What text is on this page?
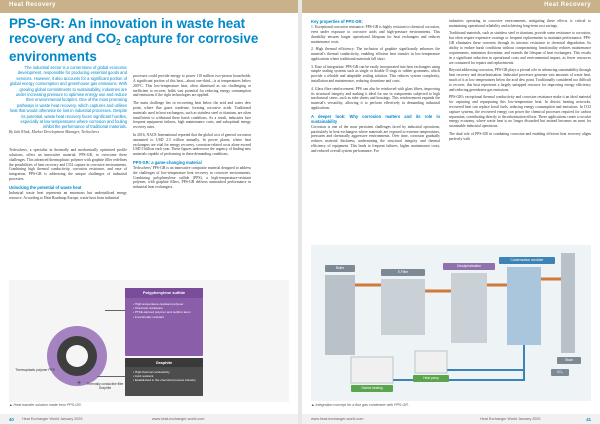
Heat Recovery
PPS-GR: An innovation in waste heat
recovery and $CO_2$ capture for corrosive
environments

The industrial sector is a cornerstone of global economic development, responsible for producing essential goods and services. However, it also accounts for a significant portion of global energy consumption and greenhouse gas emissions. With growing global commitments to sustainability, industries are under increasing pressure to optimise energy use and reduce their environmental footprint. One of the most promising pathways is waste heat recovery, which captures and utilises heat that would otherwise be lost in industrial processes. Despite its potential, waste heat recovery faces significant hurdles, especially at low temperatures where corrosion and fouling inhibit the performance of traditional materials.

By Iaki Klink, Market Development Manager, Techsolvers

Techsolvers, a specialist in thermally and mechanically optimised profile solutions, offers an innovative material, PPS-GR, to overcome these challenges. This advanced thermoplastic polymer with graphite filler redefines the possibilities of heat recovery and CO2 capture in corrosive environments. Combining high thermal conductivity, corrosion resistance, and ease of integration, PPS-GR is addressing the unique challenges of industrial processes.

Unlocking the potential of waste heat

Industrial waste heat represents an enormous but underutilised energy resource. According to Heat Roadmap Europe, waste heat from industrial

processes could provide energy to power 110 million two-person households. A significant portion of this heat—about one-third—is at temperatures below 200°C. This low-temperature heat, often dismissed as too challenging or inefficient to recover, holds vast potential for reducing energy consumption and emissions if the right technologies are applied.

The main challenge lies in recovering heat below the acid and water dew point, where flue gases condense, forming corrosive acids. Traditional materials used in heat exchangers, such as stainless steel or titanium, are often insufficient to withstand these harsh conditions. As a result, industries face frequent equipment failures, high maintenance costs, and suboptimal energy recovery rates.

In 2016, NACE International reported that the global cost of general corrosion amounted to USD 2.5 trillion annually. In power plants, where heat exchangers are vital for energy recovery, corrosion-related costs alone exceed USD 5 billion each year. These figures underscore the urgency of finding new materials capable of performing in these demanding conditions.

PPS-GR: a game-changing material

Techsolvers' PPS-GR is an innovative composite material designed to address the challenges of low-temperature heat recovery in corrosive environments. Combining polyphenylene sulfide (PPS), a high-temperature-resistant polymer, with graphite fillers, PPS-GR delivers unmatched performance in industrial heat exchangers.

Polyphenylene sulfide
• High temperature-resistant polymer
• Chemical resistance
• PTFE-derived polymer and sulphur atom
• Functionally resistant
Graphite
• High thermal conductivity
• Acid resistant
• Established in the chemical process industry
Thermoplastic polymer PPS
+	Thermally conductive filler Graphite
▲ Heat transfer solution made from PPS-GR.
40 Heat Exchanger World January 2025	www.heat-exchanger-world.com
Heat Recovery
Key properties of PPS-GR:

1. Exceptional corrosion resistance: PPS-GR is highly resistant to chemical corrosion, even under exposure to corrosive acids and high-pressure environments. This durability ensures longer operational lifespans for heat exchangers and reduces maintenance costs.

2. High thermal efficiency: The inclusion of graphite significantly enhances the material's thermal conductivity, enabling efficient heat transfer in low-temperature applications where traditional materials fall short.

3. Ease of integration: PPS-GR can be easily incorporated into heat exchangers using simple sealing systems such as single or double O-rings or rubber grommets, which provide a reliable and adaptable sealing solution. This reduces system complexity, installation and maintenance, reducing downtime and costs.

4. Glass fibre reinforcement: PPS can also be reinforced with glass fibres, improving its structural integrity and making it ideal for use in components subjected to high mechanical stress, such as tube sheets and housings. This reinforcement expands the material's versatility, allowing it to perform effectively in demanding industrial applications.

A deeper look: Why corrosion matters and its role in sustainability

Corrosion is one of the most persistent challenges faced by industrial operations, particularly in heat exchangers where materials are exposed to extreme temperatures, pressures and chemically aggressive environments. Over time, corrosion gradually reduces material thickness, undermining the structural integrity and thermal efficiency of equipment. This leads to frequent failures, higher maintenance costs, and reduced overall system performance. For

industries operating in corrosive environments, mitigating these effects is critical to maintaining operational reliability and achieving long-term cost savings.

Traditional materials, such as stainless steel or titanium, provide some resistance to corrosion, but often require expensive coatings or frequent replacements to maintain performance. PPS-GR eliminates these concerns through its intrinsic resistance to chemical degradation. Its ability to endure harsh conditions without compromising functionality reduces maintenance requirements, minimises downtime, and extends the lifespan of heat exchangers. This results in a significant reduction in operational costs and environmental impact, as fewer resources are consumed for repairs and replacements.

Beyond addressing corrosion, PPS-GR plays a pivotal role in advancing sustainability through heat recovery and decarbonisation. Industrial processes generate vast amounts of waste heat, much of it at low temperatures below the acid dew point. Traditionally considered too difficult to recover, this heat represents a largely untapped resource for improving energy efficiency and reducing greenhouse gas emissions.

PPS-GR's exceptional thermal conductivity and corrosion resistance make it an ideal material for capturing and repurposing this low-temperature heat. In district heating networks, recovered heat can replace fossil fuels, reducing energy consumption and emissions. In CO2 capture systems, the recovered energy can power the chemical processes required for carbon separation, contributing directly to decarbonisation efforts. These applications create a circular energy economy, where waste heat is no longer discarded but instead becomes an asset for sustainable industrial operations.

The dual role of PPS-GR in combating corrosion and enabling efficient heat recovery aligns perfectly with

Boiler
E-Filter
Desulphurisation
Condensation scrubber
Stack
District heating
Heat pump
CO₂
▲ Integration concept for a flue gas condenser with PPS-GR.
www.heat-exchanger-world.com	Heat Exchanger World January 2025	41
